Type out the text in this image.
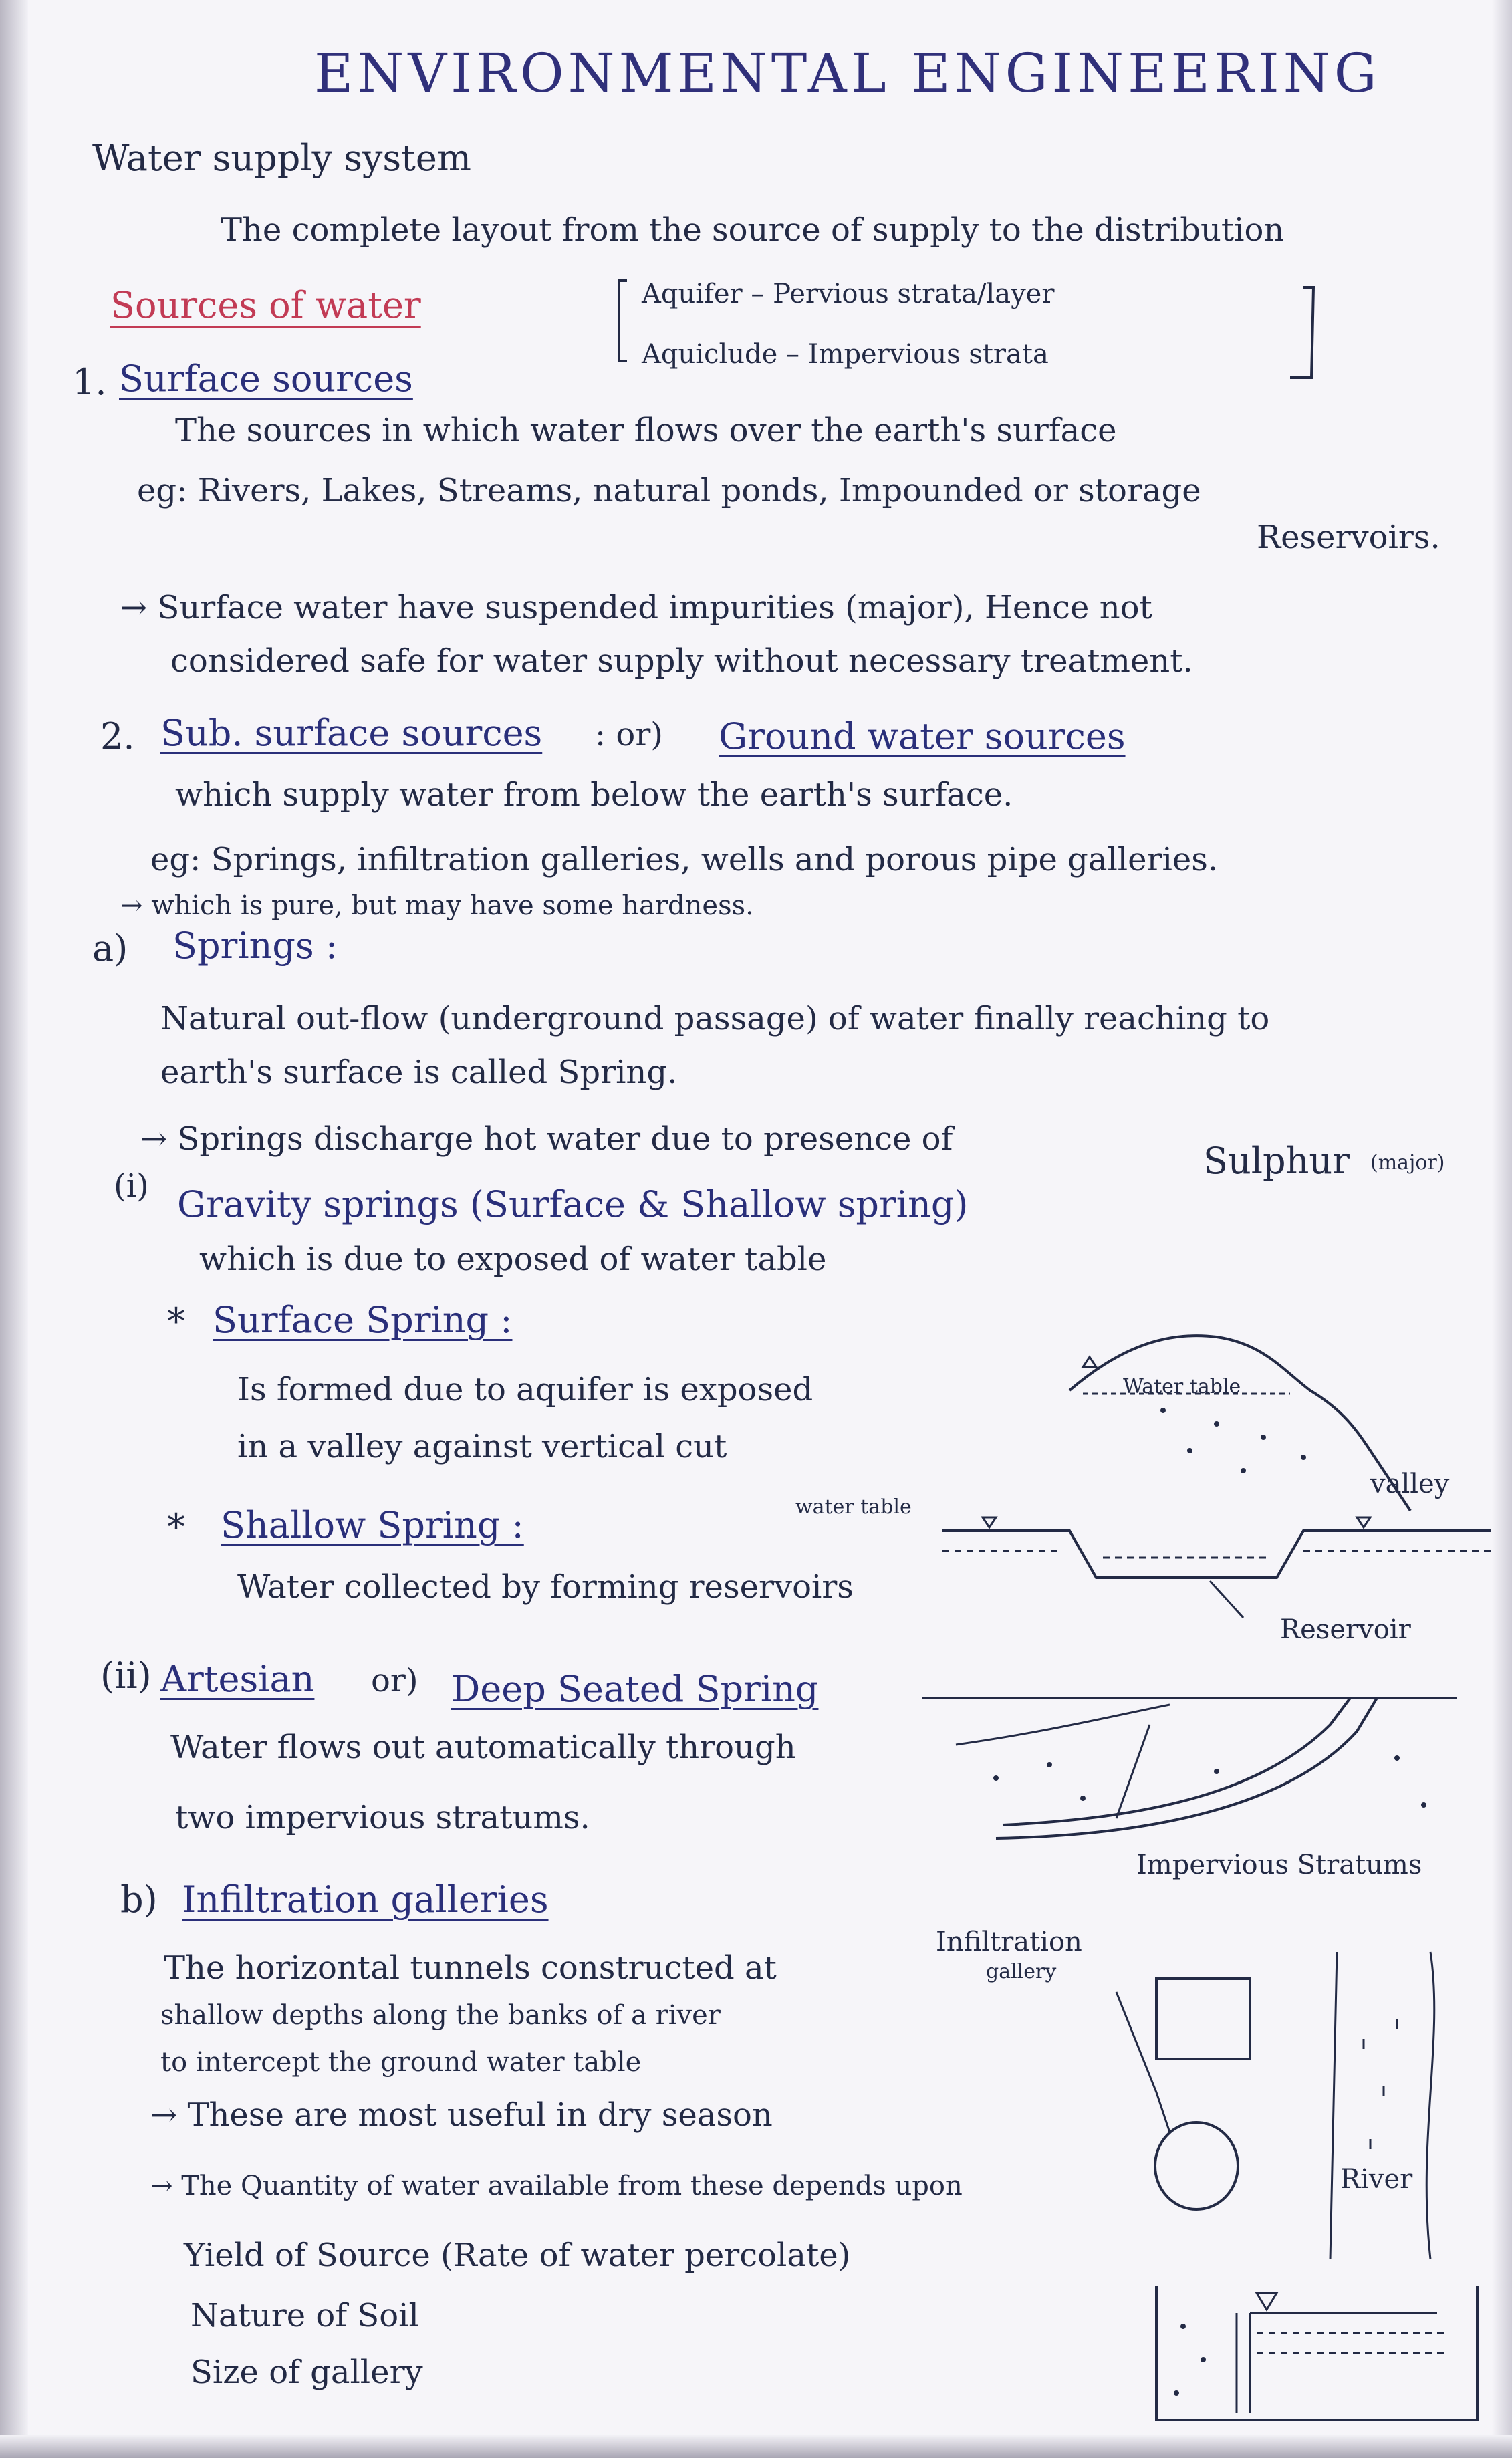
ENVIRONMENTAL ENGINEERING
Water supply system
The complete layout from the source of supply to the distribution
Sources of water	Aquifer – Pervious strata/layer
Aquiclude – Impervious strata
1. Surface sources
The sources in which water flows over the earth's surface
eg: Rivers, Lakes, Streams, natural ponds, Impounded or storage
Reservoirs.
→ Surface water have suspended impurities (major), Hence not
considered safe for water supply without necessary treatment.
2. Sub. surface sources : or) Ground water sources
which supply water from below the earth's surface.
eg: Springs, infiltration galleries, wells and porous pipe galleries.
→ which is pure, but may have some hardness.
a) Springs :
Natural out-flow (underground passage) of water finally reaching to
earth's surface is called Spring.
→ Springs discharge hot water due to presence of
Sulphur (major)
(i) Gravity springs (Surface & Shallow spring)
which is due to exposed of water table
* Surface Spring :
Is formed due to aquifer is exposed
in a valley against vertical cut
* Shallow Spring :
Water collected by forming reservoirs
(ii) Artesian or) Deep Seated Spring
Water flows out automatically through
two impervious stratums.
b) Infiltration galleries
The horizontal tunnels constructed at
shallow depths along the banks of a river
to intercept the ground water table
→ These are most useful in dry season
→ The Quantity of water available from these depends upon
Yield of Source (Rate of water percolate)
Nature of Soil
Size of gallery
Water table
valley
water table
Reservoir
Impervious Stratums
Infiltration
gallery
River
